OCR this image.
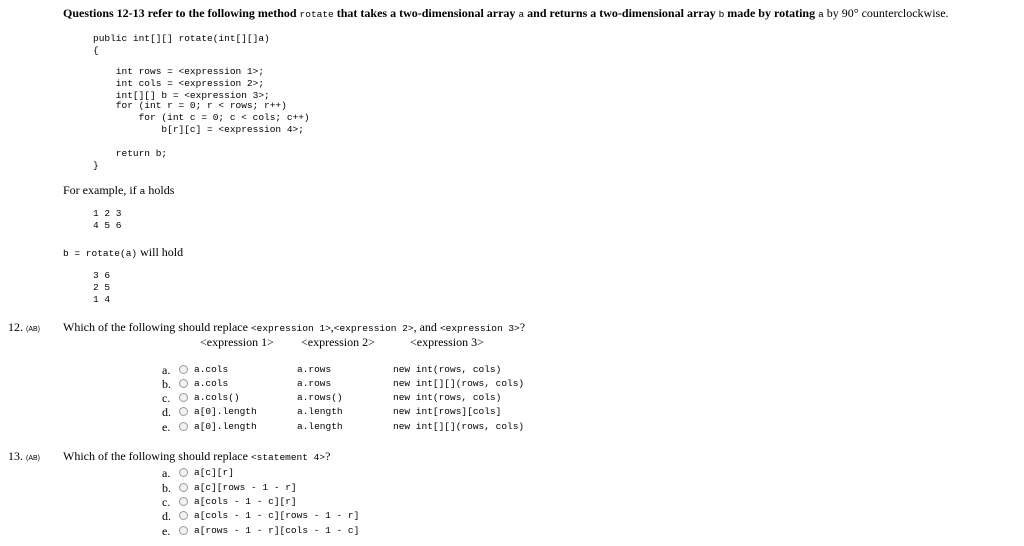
Questions 12-13 refer to the following method rotate that takes a two-dimensional array a and returns a two-dimensional array b made by rotating a by 90° counterclockwise.
public int[][] rotate(int[][]a)
{
int rows = <expression 1>;
int cols = <expression 2>;
int[][] b = <expression 3>;
for (int r = 0; r < rows; r++)
for (int c = 0; c < cols; c++)
b[r][c] = <expression 4>;
return b;
}
For example, if a holds
1 2 3
4 5 6
b = rotate(a) will hold
3 6
2 5
1 4
12. (AB) Which of the following should replace <expression 1>,<expression 2>, and <expression 3>?
<expression 1> <expression 2>	<expression 3>
a. a.cols	a.rows	new int(rows, cols)
b. a.cols	a.rows	new int[][](rows, cols)
c. a.cols()	a.rows()	new int(rows, cols)
d. a[0].length	a.length	new int[rows][cols]
e. a[0].length	a.length	new int[][](rows, cols)
13. (AB) Which of the following should replace <statement 4>?
a. a[c][r]
b. a[c][rows - 1 - r]
c. a[cols - 1 - c][r]
d. a[cols - 1 - c][rows - 1 - r]
e. a[rows - 1 - r][cols - 1 - c]
